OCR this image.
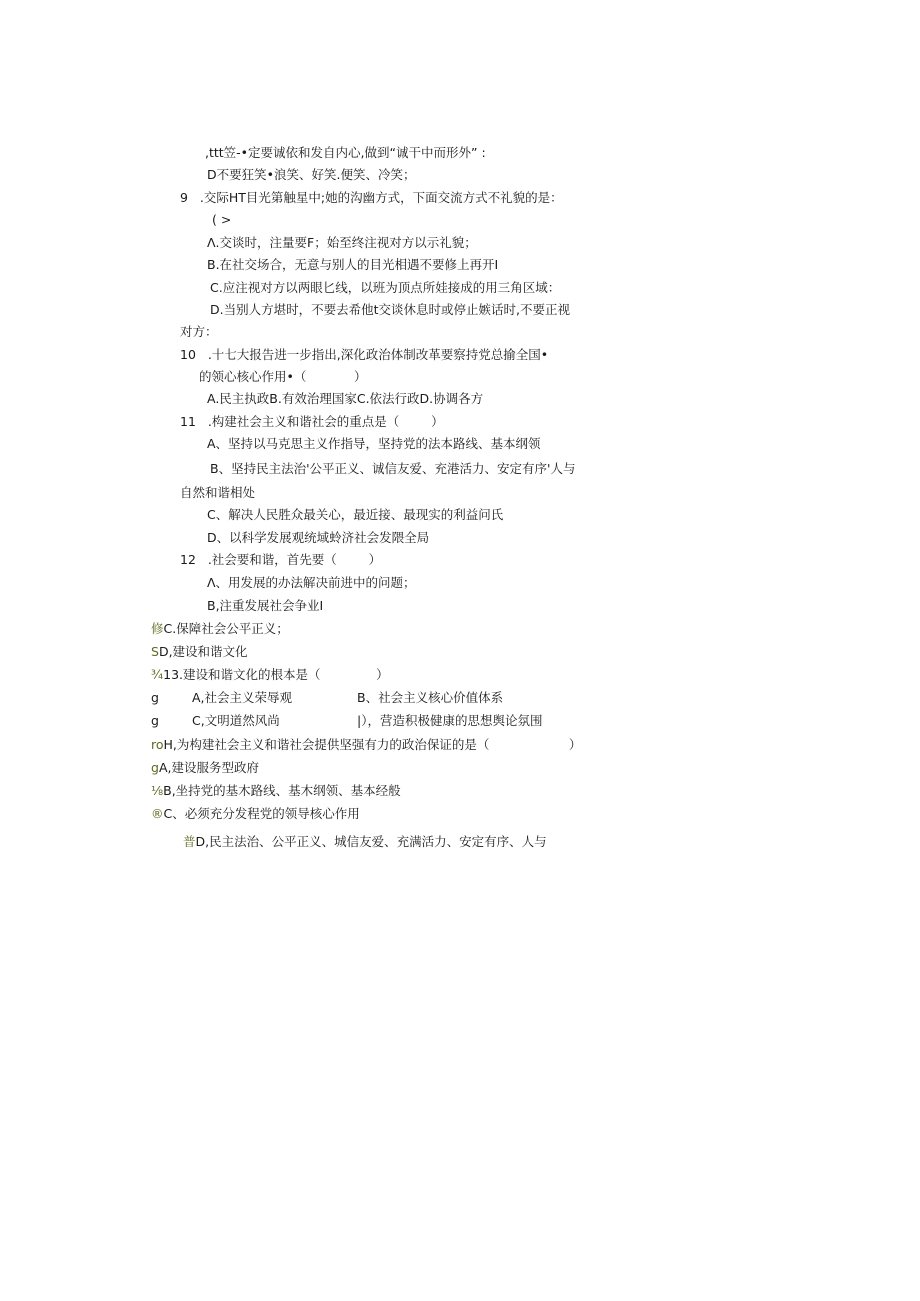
,ttt笠-•定要诚依和发自内心,做到“诚干中而形外” :
D不要狂笑•浪笑、好笑.便笑、冷笑；
9   .交际HT目光第触星中;她的沟幽方式，下面交流方式不礼貌的是：
( >
Λ.交谈时，注量要F；始至终注视对方以示礼貌；
B.在社交场合，无意与别人的目光相遇不要修上再开I
C.应注视对方以两眼匕线，以班为顶点所娃接成的用三角区域：
D.当别人方堪时，不要去希他t交谈休息时或停止嫉话时,不要正视
对方：
10   .十七大报告进一步指出,深化政治体制改革要察持党总揄全国•
的领心核心作用•（            ）
A.民主执政B.有效治理国家C.依法行政D.协调各方
11   .构建社会主义和谐社会的重点是（        ）
A、坚持以马克思主义作指导，坚持党的法本路线、基本纲领
B、坚持民主法治'公平正义、诚信友爱、充港活力、安定有序'人与
自然和谐相处
C、解决人民胜众最关心，最近接、最现实的利益问氏
D、以科学发展观统域蛉济社会发隈全局
12   .社会要和谐，首先要（        ）
Λ、用发展的办法解决前进中的问题；
B,注重发展社会争业I
修C.保障社会公平正义；
SD,建设和谐文化
¾13.建设和谐文化的根本是（              ）
g	A,社会主义荣辱观	B、社会主义核心价值体系
g	C,文明道然风尚	|），营造积极健康的思想舆论氛围
roH,为构建社会主义和谐社会提供坚强有力的政治保证的是（                    ）
gA,建设服务型政府
⅛B,坐持党的基木路线、基木纲领、基本经般
®C、必须充分发程党的领导核心作用
普D,民主法治、公平正义、城信友爱、充满活力、安定有序、人与
